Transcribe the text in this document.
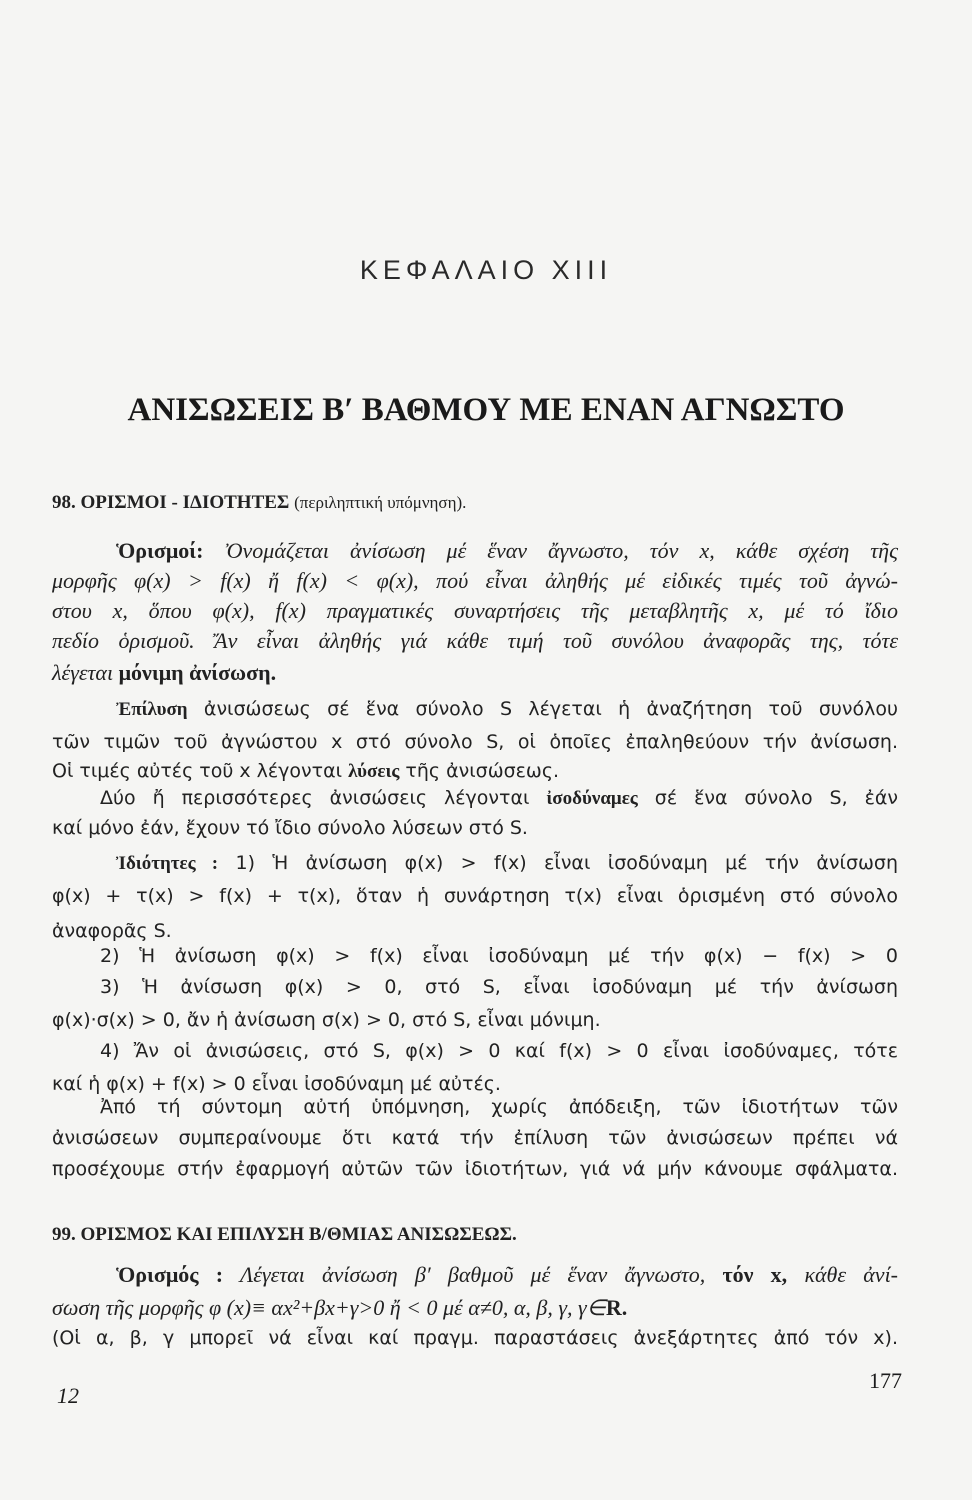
ΚΕΦΑΛΑΙΟ XIII
ΑΝΙΣΩΣΕΙΣ Β′ ΒΑΘΜΟΥ ΜΕ ΕΝΑΝ ΑΓΝΩΣΤΟ
98. ΟΡΙΣΜΟΙ - ΙΔΙΟΤΗΤΕΣ (περιληπτική υπόμνηση).
Ὁρισμοί: Ὀνομάζεται ἀνίσωση μέ ἕναν ἄγνωστο, τόν x, κάθε σχέση τῆς
μορφῆς φ(x) > f(x) ἤ f(x) < φ(x), πού εἶναι ἀληθής μέ εἰδικές τιμές τοῦ ἀγνώ-
στου x, ὅπου φ(x), f(x) πραγματικές συναρτήσεις τῆς μεταβλητῆς x, μέ τό ἴδιο
πεδίο ὁρισμοῦ. Ἄν εἶναι ἀληθής γιά κάθε τιμή τοῦ συνόλου ἀναφορᾶς της, τότε
λέγεται μόνιμη ἀνίσωση.
Ἐπίλυση ἀνισώσεως σέ ἕνα σύνολο S λέγεται ἡ ἀναζήτηση τοῦ συνόλου
τῶν τιμῶν τοῦ ἀγνώστου x στό σύνολο S, οἱ ὁποῖες ἐπαληθεύουν τήν ἀνίσωση.
Οἱ τιμές αὐτές τοῦ x λέγονται λύσεις τῆς ἀνισώσεως.
Δύο ἤ περισσότερες ἀνισώσεις λέγονται ἰσοδύναμες σέ ἕνα σύνολο S, ἐάν
καί μόνο ἐάν, ἔχουν τό ἴδιο σύνολο λύσεων στό S.
Ἰδιότητες : 1) Ἡ ἀνίσωση φ(x) > f(x) εἶναι ἰσοδύναμη μέ τήν ἀνίσωση
φ(x) + τ(x) > f(x) + τ(x), ὅταν ἡ συνάρτηση τ(x) εἶναι ὁρισμένη στό σύνολο
ἀναφορᾶς S.
2) Ἡ ἀνίσωση φ(x) > f(x) εἶναι ἰσοδύναμη μέ τήν φ(x) − f(x) > 0
3) Ἡ ἀνίσωση φ(x) > 0, στό S, εἶναι ἰσοδύναμη μέ τήν ἀνίσωση
φ(x)·σ(x) > 0, ἄν ἡ ἀνίσωση σ(x) > 0, στό S, εἶναι μόνιμη.
4) Ἄν οἱ ἀνισώσεις, στό S, φ(x) > 0 καί f(x) > 0 εἶναι ἰσοδύναμες, τότε
καί ἡ φ(x) + f(x) > 0 εἶναι ἰσοδύναμη μέ αὐτές.
Ἀπό τή σύντομη αὐτή ὑπόμνηση, χωρίς ἀπόδειξη, τῶν ἰδιοτήτων τῶν
ἀνισώσεων συμπεραίνουμε ὅτι κατά τήν ἐπίλυση τῶν ἀνισώσεων πρέπει νά
προσέχουμε στήν ἐφαρμογή αὐτῶν τῶν ἰδιοτήτων, γιά νά μήν κάνουμε σφάλματα.
99. ΟΡΙΣΜΟΣ ΚΑΙ ΕΠΙΛΥΣΗ Β/ΘΜΙΑΣ ΑΝΙΣΩΣΕΩΣ.
Ὁρισμός : Λέγεται ἀνίσωση β′ βαθμοῦ μέ ἕναν ἄγνωστο, τόν x, κάθε ἀνί-
σωση τῆς μορφῆς φ (x)≡ αx²+βx+γ>0 ἤ < 0 μέ α≠0, α, β, γ, γ∈R.
(Οἱ α, β, γ μπορεῖ νά εἶναι καί πραγμ. παραστάσεις ἀνεξάρτητες ἀπό τόν x).
12
177
